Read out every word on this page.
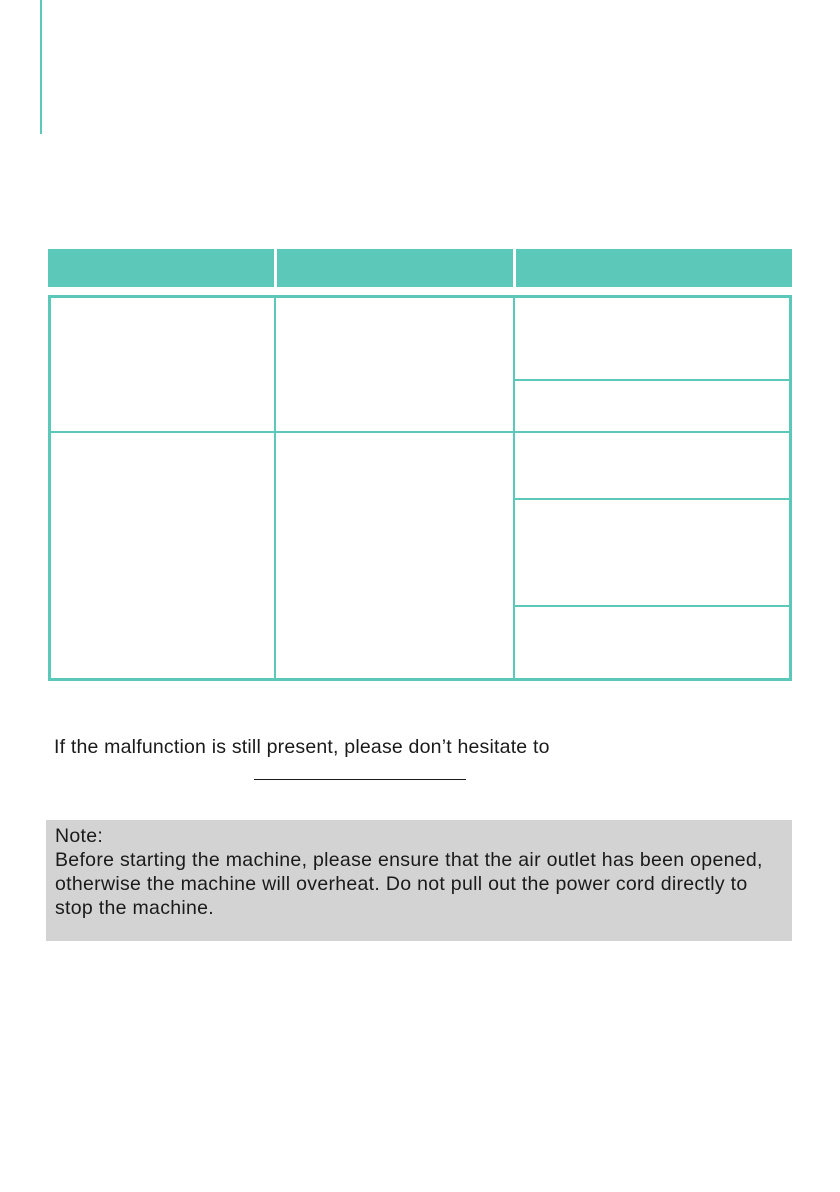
If the malfunction is still present, please don’t hesitate to
Note:
Before starting the machine, please ensure that the air outlet has been opened, otherwise the machine will overheat. Do not pull out the power cord directly to stop the machine.
